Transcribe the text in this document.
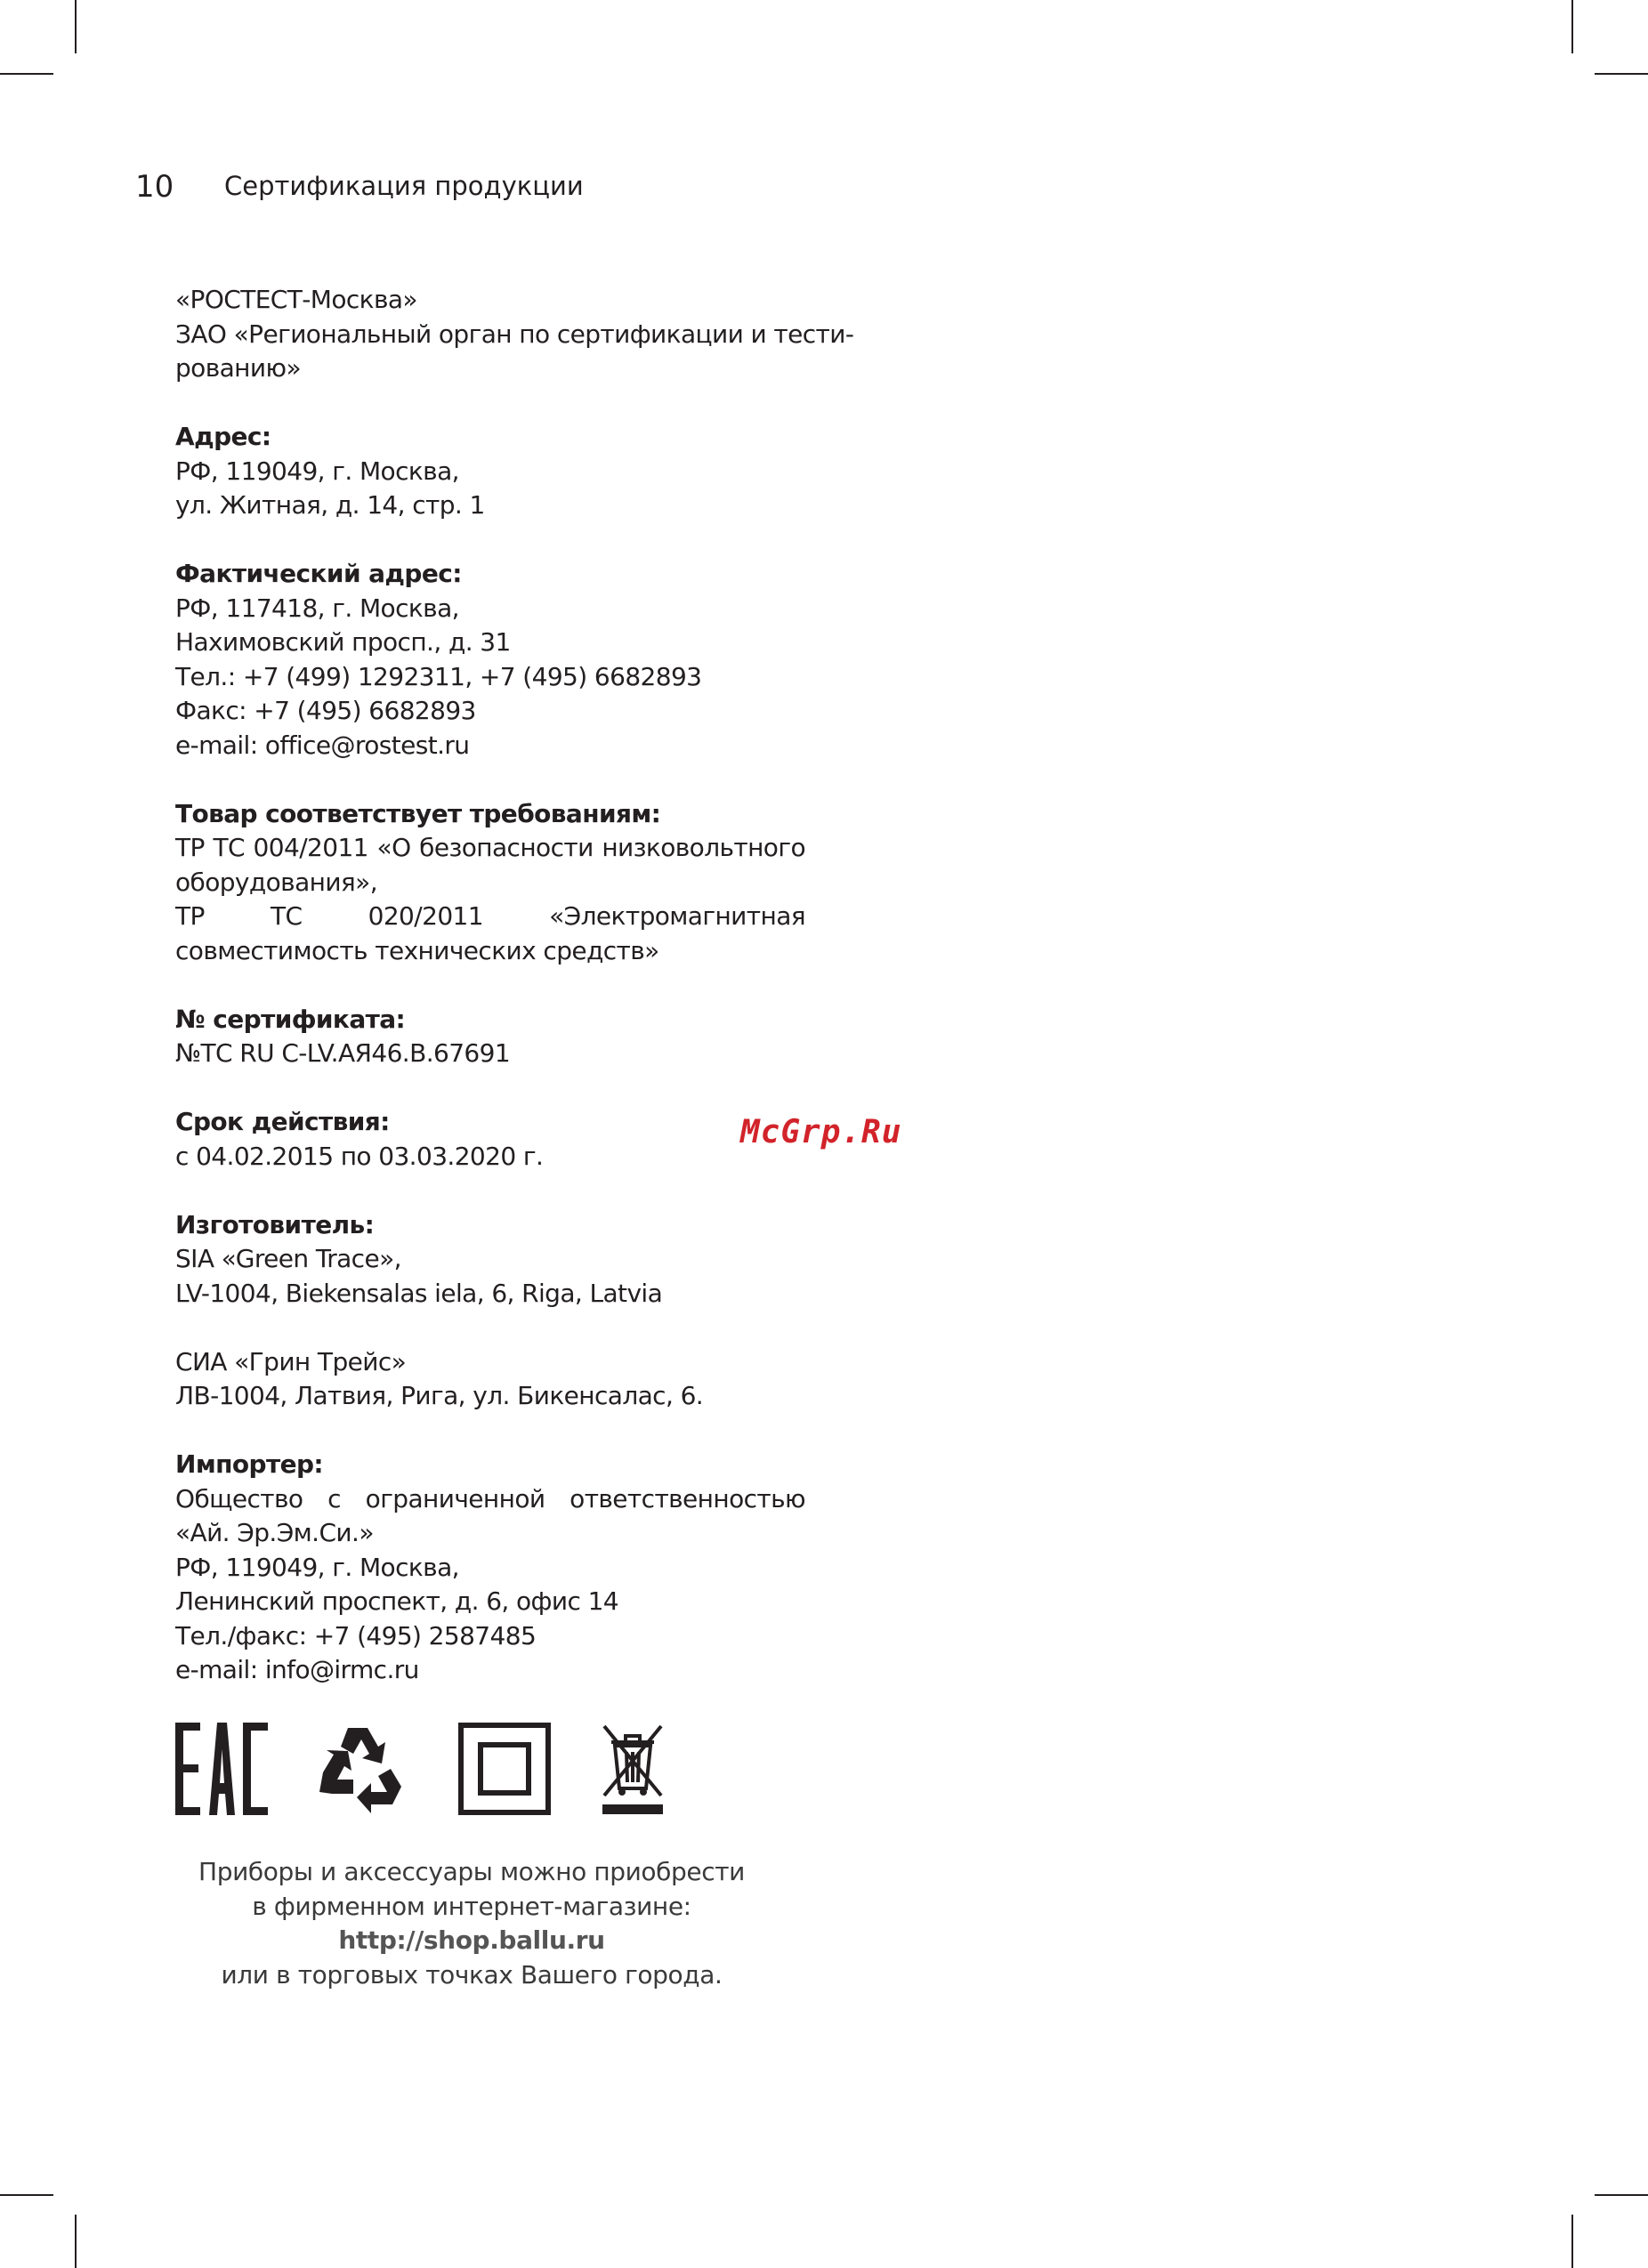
10 Сертификация продукции
«РОСТЕСТ-Москва»
ЗАО «Региональный орган по сертификации и тести-
рованию»
Адрес:
РФ, 119049, г. Москва,
ул. Житная, д. 14, стр. 1
Фактический адрес:
РФ, 117418, г. Москва,
Нахимовский просп., д. 31
Тел.: +7 (499) 1292311, +7 (495) 6682893
Факс: +7 (495) 6682893
e-mail: office@rostest.ru
Товар соответствует требованиям:
ТР ТС 004/2011 «О безопасности низковольтного оборудования»,
ТР ТС 020/2011 «Электромагнитная совместимость технических средств»
№ сертификата:
№ТС RU C-LV.АЯ46.В.67691
Срок действия:
с 04.02.2015 по 03.03.2020 г.
Изготовитель:
SIA «Green Trace»,
LV-1004, Biekensalas iela, 6, Riga, Latvia
СИА «Грин Трейс»
ЛВ-1004, Латвия, Рига, ул. Бикенсалас, 6.
Импортер:
Общество с ограниченной ответственностью «Ай. Эр.Эм.Си.»
РФ, 119049, г. Москва,
Ленинский проспект, д. 6, офис 14
Тел./факс: +7 (495) 2587485
e-mail: info@irmc.ru
McGrp.Ru
Приборы и аксессуары можно приобрести
в фирменном интернет-магазине:
http://shop.ballu.ru
или в торговых точках Вашего города.
